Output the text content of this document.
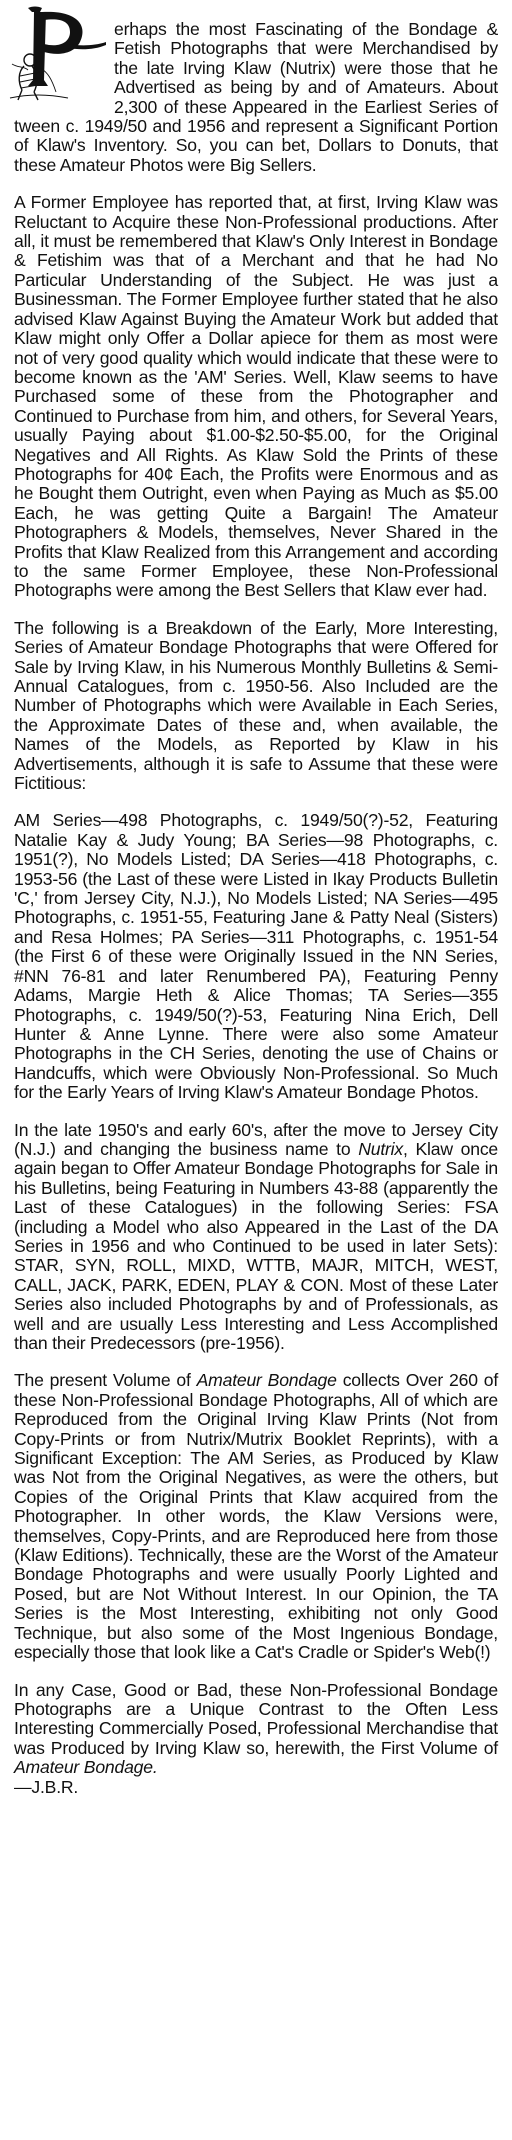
erhaps the most Fascinating of the Bondage & Fetish Photographs that were Merchandised by the late Irving Klaw (Nutrix) were those that he Advertised as being by and of Amateurs. About 2,300 of these Appeared in the Earliest Series of tween c. 1949/50 and 1956 and represent a Significant Portion of Klaw's Inventory. So, you can bet, Dollars to Donuts, that these Amateur Photos were Big Sellers.

A Former Employee has reported that, at first, Irving Klaw was Reluctant to Acquire these Non-Professional productions. After all, it must be remembered that Klaw's Only Interest in Bondage & Fetishim was that of a Merchant and that he had No Particular Understanding of the Subject. He was just a Businessman. The Former Employee further stated that he also advised Klaw Against Buying the Amateur Work but added that Klaw might only Offer a Dollar apiece for them as most were not of very good quality which would indicate that these were to become known as the 'AM' Series. Well, Klaw seems to have Purchased some of these from the Photographer and Continued to Purchase from him, and others, for Several Years, usually Paying about $1.00-$2.50-$5.00, for the Original Negatives and All Rights. As Klaw Sold the Prints of these Photographs for 40¢ Each, the Profits were Enormous and as he Bought them Outright, even when Paying as Much as $5.00 Each, he was getting Quite a Bargain! The Amateur Photographers & Models, themselves, Never Shared in the Profits that Klaw Realized from this Arrangement and according to the same Former Employee, these Non-Professional Photographs were among the Best Sellers that Klaw ever had.

The following is a Breakdown of the Early, More Interesting, Series of Amateur Bondage Photographs that were Offered for Sale by Irving Klaw, in his Numerous Monthly Bulletins & Semi-Annual Catalogues, from c. 1950-56. Also Included are the Number of Photographs which were Available in Each Series, the Approximate Dates of these and, when available, the Names of the Models, as Reported by Klaw in his Advertisements, although it is safe to Assume that these were Fictitious:

AM Series—498 Photographs, c. 1949/50(?)-52, Featuring Natalie Kay & Judy Young; BA Series—98 Photographs, c. 1951(?), No Models Listed; DA Series—418 Photographs, c. 1953-56 (the Last of these were Listed in Ikay Products Bulletin 'C,' from Jersey City, N.J.), No Models Listed; NA Series—495 Photographs, c. 1951-55, Featuring Jane & Patty Neal (Sisters) and Resa Holmes; PA Series—311 Photographs, c. 1951-54 (the First 6 of these were Originally Issued in the NN Series, #NN 76-81 and later Renumbered PA), Featuring Penny Adams, Margie Heth & Alice Thomas; TA Series—355 Photographs, c. 1949/50(?)-53, Featuring Nina Erich, Dell Hunter & Anne Lynne. There were also some Amateur Photographs in the CH Series, denoting the use of Chains or Handcuffs, which were Obviously Non-Professional. So Much for the Early Years of Irving Klaw's Amateur Bondage Photos.

In the late 1950's and early 60's, after the move to Jersey City (N.J.) and changing the business name to Nutrix, Klaw once again began to Offer Amateur Bondage Photographs for Sale in his Bulletins, being Featuring in Numbers 43-88 (apparently the Last of these Catalogues) in the following Series: FSA (including a Model who also Appeared in the Last of the DA Series in 1956 and who Continued to be used in later Sets): STAR, SYN, ROLL, MIXD, WTTB, MAJR, MITCH, WEST, CALL, JACK, PARK, EDEN, PLAY & CON. Most of these Later Series also included Photographs by and of Professionals, as well and are usually Less Interesting and Less Accomplished than their Predecessors (pre-1956).

The present Volume of Amateur Bondage collects Over 260 of these Non-Professional Bondage Photographs, All of which are Reproduced from the Original Irving Klaw Prints (Not from Copy-Prints or from Nutrix/Mutrix Booklet Reprints), with a Significant Exception: The AM Series, as Produced by Klaw was Not from the Original Negatives, as were the others, but Copies of the Original Prints that Klaw acquired from the Photographer. In other words, the Klaw Versions were, themselves, Copy-Prints, and are Reproduced here from those (Klaw Editions). Technically, these are the Worst of the Amateur Bondage Photographs and were usually Poorly Lighted and Posed, but are Not Without Interest. In our Opinion, the TA Series is the Most Interesting, exhibiting not only Good Technique, but also some of the Most Ingenious Bondage, especially those that look like a Cat's Cradle or Spider's Web(!)

In any Case, Good or Bad, these Non-Professional Bondage Photographs are a Unique Contrast to the Often Less Interesting Commercially Posed, Professional Merchandise that was Produced by Irving Klaw so, herewith, the First Volume of Amateur Bondage.

—J.B.R.
